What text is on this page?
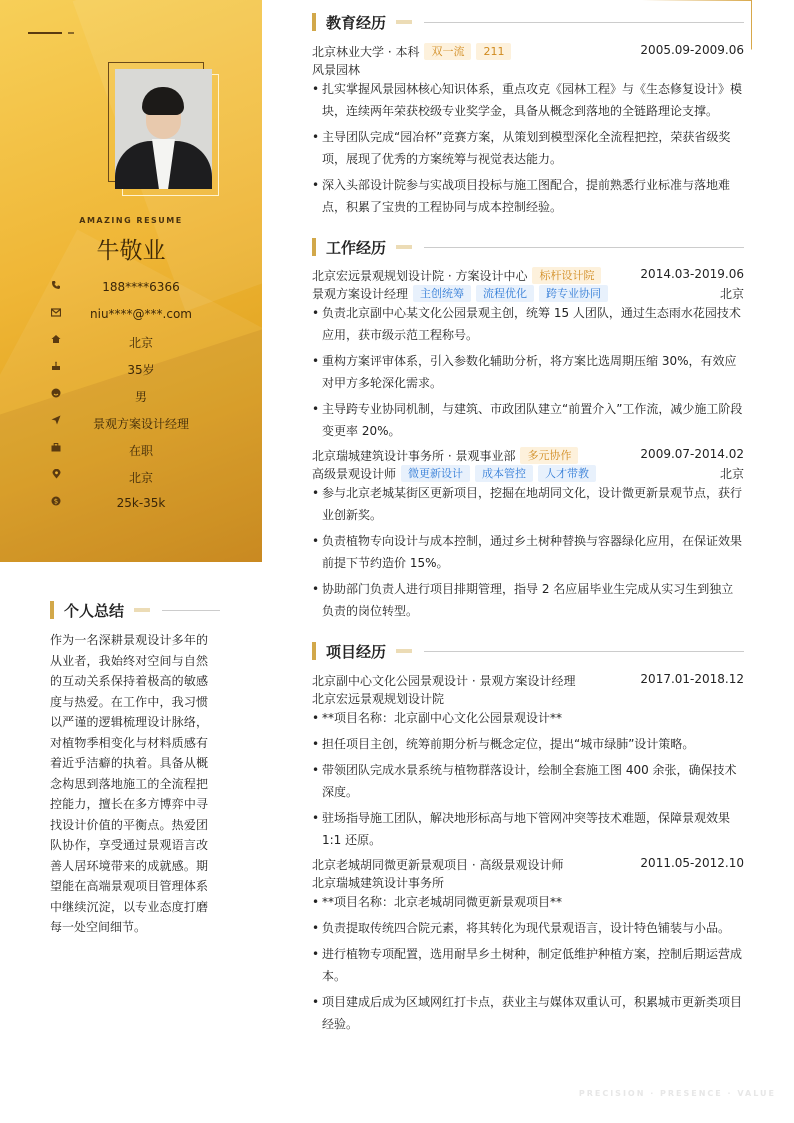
AMAZING RESUME
牛敬业
188****6366
niu****@***.com
北京
35岁
男
景观方案设计经理
在职
北京
$	25k-35k
个人总结
作为一名深耕景观设计多年的从业者，我始终对空间与自然的互动关系保持着极高的敏感度与热爱。在工作中，我习惯以严谨的逻辑梳理设计脉络，对植物季相变化与材料质感有着近乎洁癖的执着。具备从概念构思到落地施工的全流程把控能力，擅长在多方博弈中寻找设计价值的平衡点。热爱团队协作，享受通过景观语言改善人居环境带来的成就感。期望能在高端景观项目管理体系中继续沉淀，以专业态度打磨每一处空间细节。
教育经历
北京林业大学 · 本科	双一流	211	2005.09-2009.06
风景园林
• 扎实掌握风景园林核心知识体系，重点攻克《园林工程》与《生态修复设计》模块，连续两年荣获校级专业奖学金，具备从概念到落地的全链路理论支撑。
• 主导团队完成“园冶杯”竞赛方案，从策划到模型深化全流程把控，荣获省级奖项，展现了优秀的方案统筹与视觉表达能力。
• 深入头部设计院参与实战项目投标与施工图配合，提前熟悉行业标准与落地难点，积累了宝贵的工程协同与成本控制经验。
工作经历
北京宏远景观规划设计院 · 方案设计中心	标杆设计院	2014.03-2019.06
景观方案设计经理	主创统筹	流程优化	跨专业协同	北京
• 负责北京副中心某文化公园景观主创，统筹 15 人团队，通过生态雨水花园技术应用，获市级示范工程称号。
• 重构方案评审体系，引入参数化辅助分析，将方案比选周期压缩 30%，有效应对甲方多轮深化需求。
• 主导跨专业协同机制，与建筑、市政团队建立“前置介入”工作流，减少施工阶段变更率 20%。
北京瑞城建筑设计事务所 · 景观事业部	多元协作	2009.07-2014.02
高级景观设计师	微更新设计	成本管控	人才带教	北京
• 参与北京老城某街区更新项目，挖掘在地胡同文化，设计微更新景观节点，获行业创新奖。
• 负责植物专向设计与成本控制，通过乡土树种替换与容器绿化应用，在保证效果前提下节约造价 15%。
• 协助部门负责人进行项目排期管理，指导 2 名应届毕业生完成从实习生到独立负责的岗位转型。
项目经历
北京副中心文化公园景观设计 · 景观方案设计经理	2017.01-2018.12
北京宏远景观规划设计院
• **项目名称：北京副中心文化公园景观设计**
• 担任项目主创，统筹前期分析与概念定位，提出“城市绿肺”设计策略。
• 带领团队完成水景系统与植物群落设计，绘制全套施工图 400 余张，确保技术深度。
• 驻场指导施工团队，解决地形标高与地下管网冲突等技术难题，保障景观效果 1:1 还原。
北京老城胡同微更新景观项目 · 高级景观设计师	2011.05-2012.10
北京瑞城建筑设计事务所
• **项目名称：北京老城胡同微更新景观项目**
• 负责提取传统四合院元素，将其转化为现代景观语言，设计特色铺装与小品。
• 进行植物专项配置，选用耐旱乡土树种，制定低维护种植方案，控制后期运营成本。
• 项目建成后成为区域网红打卡点，获业主与媒体双重认可，积累城市更新类项目经验。
PRECISION · PRESENCE · VALUE
